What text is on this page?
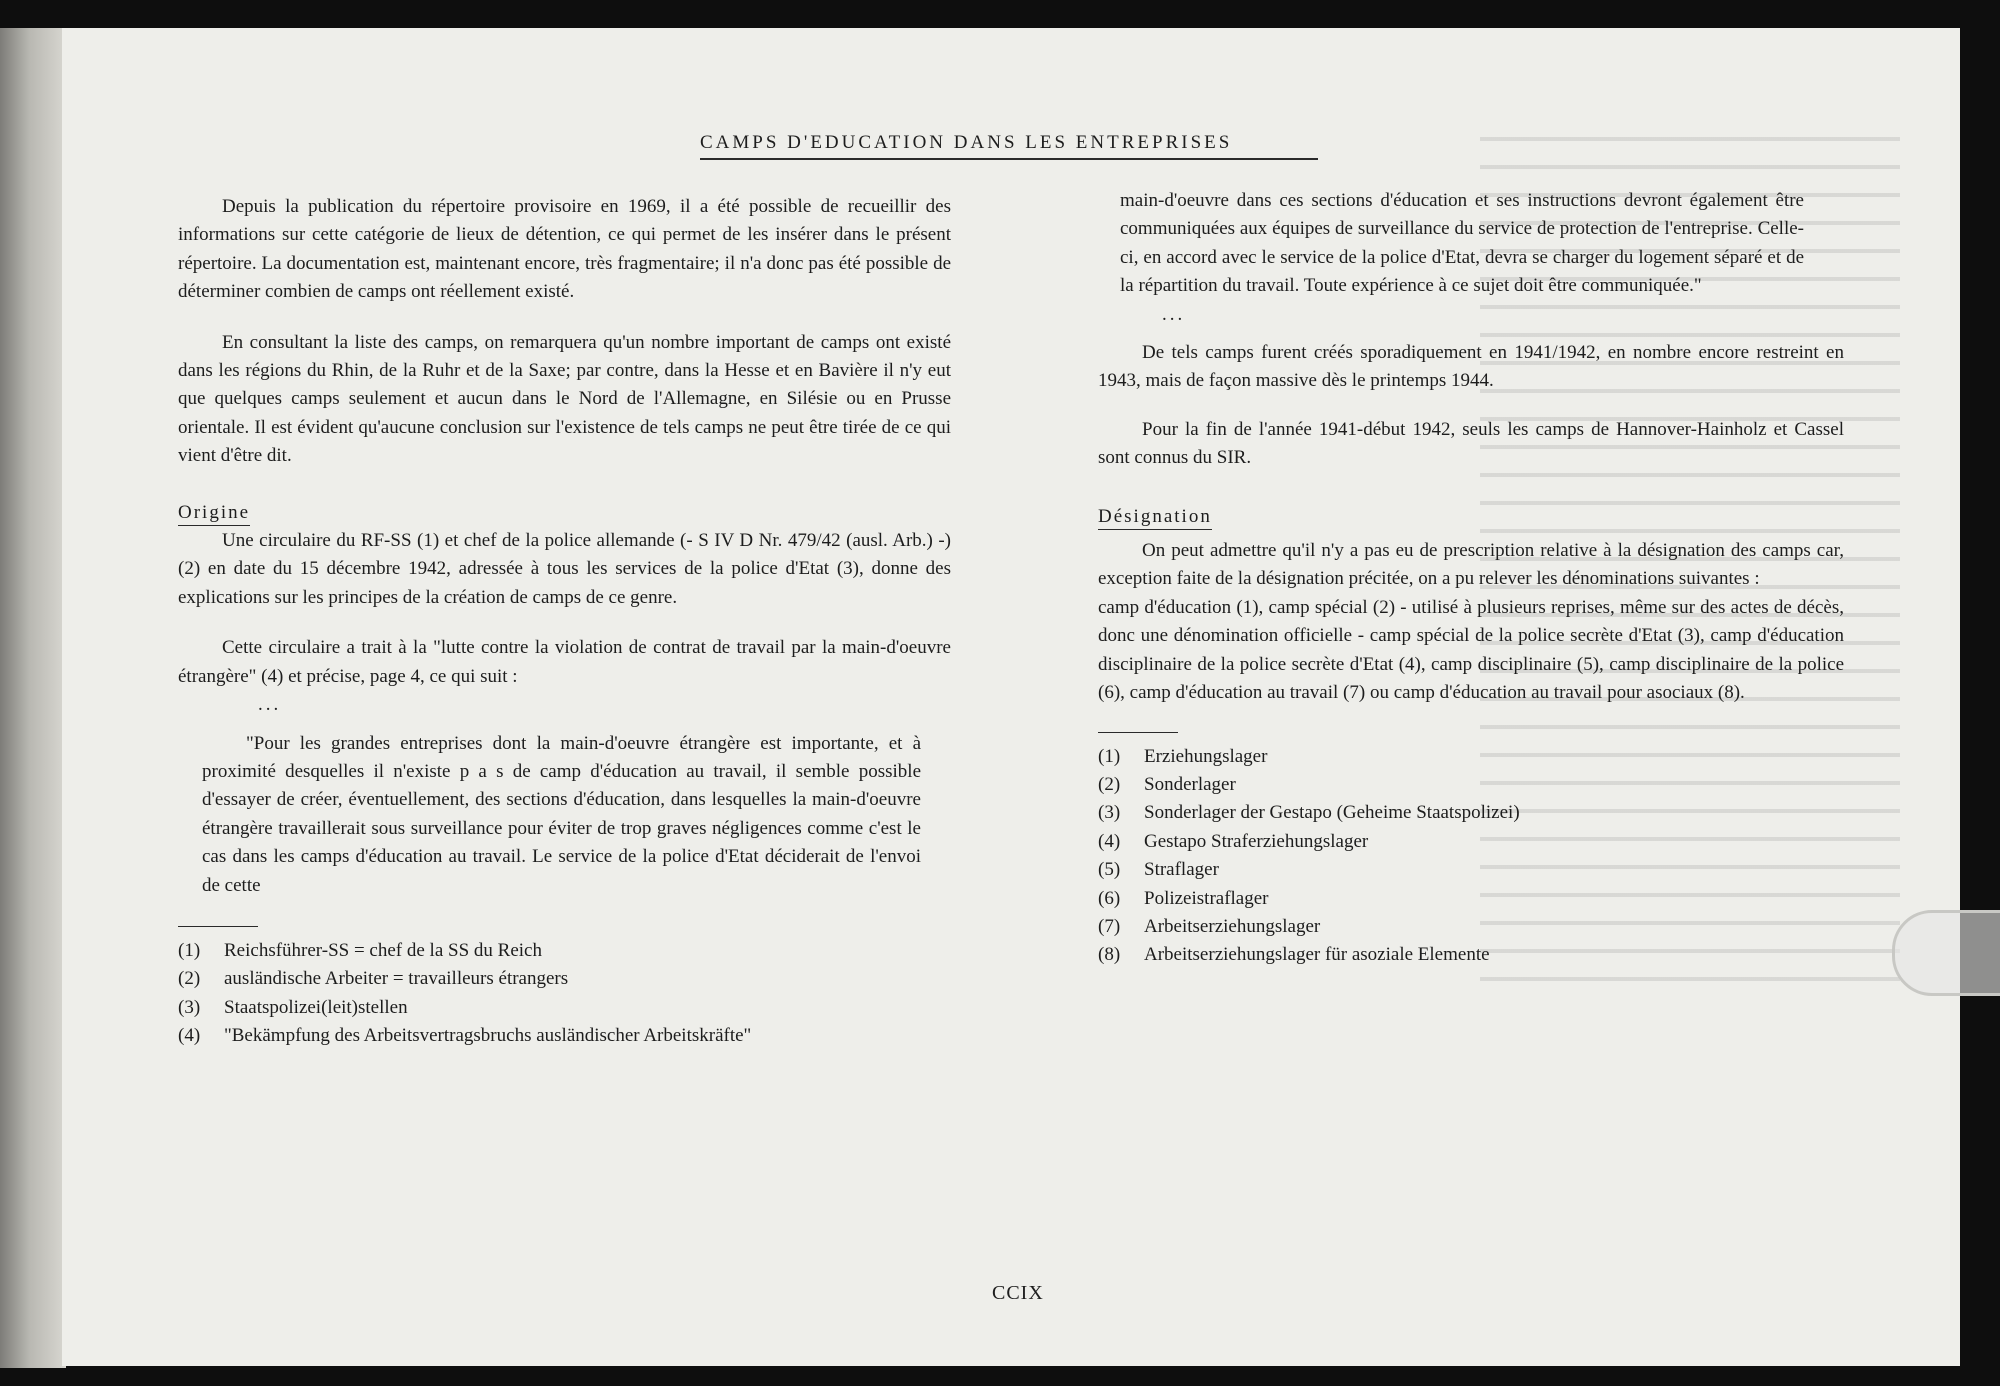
CAMPS D'EDUCATION DANS LES ENTREPRISES

Depuis la publication du répertoire provisoire en 1969, il a été possible de recueillir des informations sur cette catégorie de lieux de détention, ce qui permet de les insérer dans le présent répertoire. La documentation est, maintenant encore, très fragmentaire; il n'a donc pas été possible de déterminer combien de camps ont réellement existé.

En consultant la liste des camps, on remarquera qu'un nombre important de camps ont existé dans les régions du Rhin, de la Ruhr et de la Saxe; par contre, dans la Hesse et en Bavière il n'y eut que quelques camps seulement et aucun dans le Nord de l'Allemagne, en Silésie ou en Prusse orientale. Il est évident qu'aucune conclusion sur l'existence de tels camps ne peut être tirée de ce qui vient d'être dit.

Origine

Une circulaire du RF-SS (1) et chef de la police allemande (- S IV D Nr. 479/42 (ausl. Arb.) -) (2) en date du 15 décembre 1942, adressée à tous les services de la police d'Etat (3), donne des explications sur les principes de la création de camps de ce genre.

Cette circulaire a trait à la "lutte contre la violation de contrat de travail par la main-d'oeuvre étrangère" (4) et précise, page 4, ce qui suit :

...

"Pour les grandes entreprises dont la main-d'oeuvre étrangère est importante, et à proximité desquelles il n'existe p a s de camp d'éducation au travail, il semble possible d'essayer de créer, éventuellement, des sections d'éducation, dans lesquelles la main-d'oeuvre étrangère travaillerait sous surveillance pour éviter de trop graves négligences comme c'est le cas dans les camps d'éducation au travail. Le service de la police d'Etat déciderait de l'envoi de cette

(1)	Reichsführer-SS = chef de la SS du Reich
(2)	ausländische Arbeiter = travailleurs étrangers
(3)	Staatspolizei(leit)stellen
(4)	"Bekämpfung des Arbeitsvertragsbruchs ausländischer Arbeitskräfte"

main-d'oeuvre dans ces sections d'éducation et ses instructions devront également être communiquées aux équipes de surveillance du service de protection de l'entreprise. Celle-ci, en accord avec le service de la police d'Etat, devra se charger du logement séparé et de la répartition du travail. Toute expérience à ce sujet doit être communiquée."

...

De tels camps furent créés sporadiquement en 1941/1942, en nombre encore restreint en 1943, mais de façon massive dès le printemps 1944.

Pour la fin de l'année 1941-début 1942, seuls les camps de Hannover-Hainholz et Cassel sont connus du SIR.

Désignation

On peut admettre qu'il n'y a pas eu de prescription relative à la désignation des camps car, exception faite de la désignation précitée, on a pu relever les dénominations suivantes :

camp d'éducation (1), camp spécial (2) - utilisé à plusieurs reprises, même sur des actes de décès, donc une dénomination officielle - camp spécial de la police secrète d'Etat (3), camp d'éducation disciplinaire de la police secrète d'Etat (4), camp disciplinaire (5), camp disciplinaire de la police (6), camp d'éducation au travail (7) ou camp d'éducation au travail pour asociaux (8).

(1)	Erziehungslager
(2)	Sonderlager
(3)	Sonderlager der Gestapo (Geheime Staatspolizei)
(4)	Gestapo Straferziehungslager
(5)	Straflager
(6)	Polizeistraflager
(7)	Arbeitserziehungslager
(8)	Arbeitserziehungslager für asoziale Elemente
CCIX
